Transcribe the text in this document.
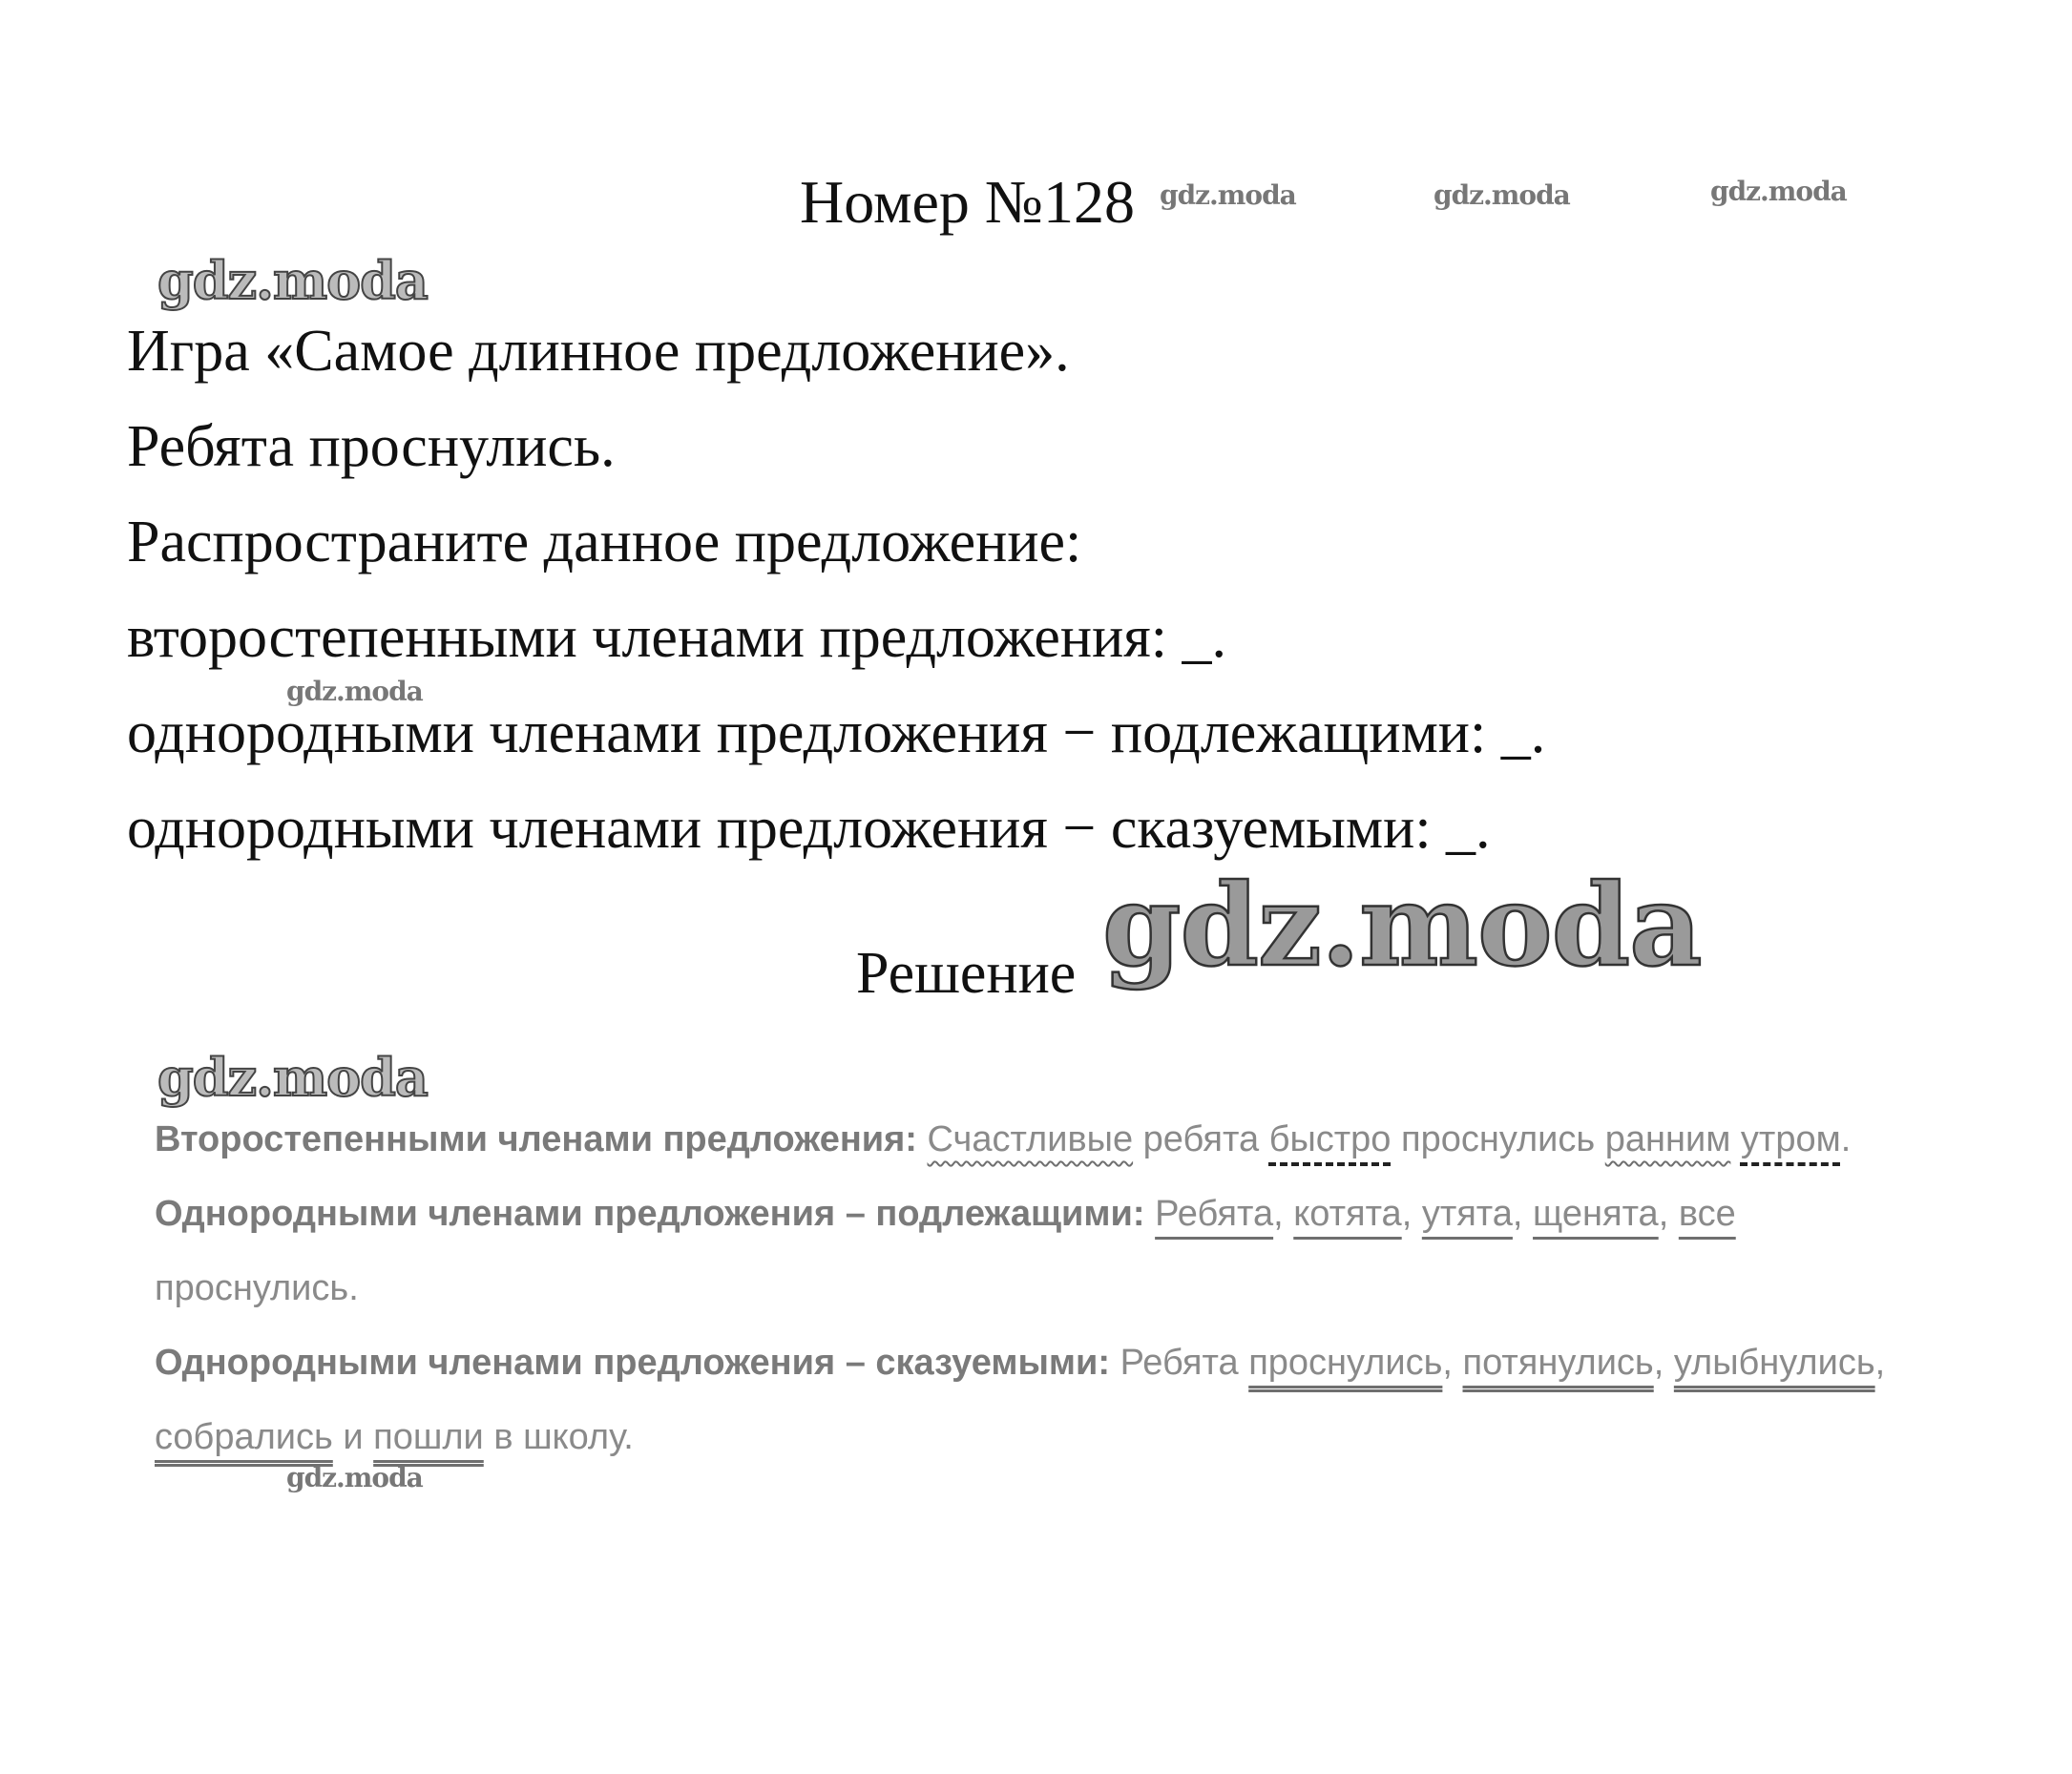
Номер №128
Игра «Самое длинное предложение».
Ребята проснулись.
Распространите данное предложение:
второстепенными членами предложения: _.
однородными членами предложения − подлежащими: _.
однородными членами предложения − сказуемыми: _.
Решение

Второстепенными членами предложения: Счастливые ребята быстро проснулись ранним утром.

Однородными членами предложения – подлежащими: Ребята, котята, утята, щенята, все проснулись.

Однородными членами предложения – сказуемыми: Ребята проснулись, потянулись, улыбнулись, собрались и пошли в школу.

gdz.moda	gdz.moda	gdz.moda
gdz.moda
gdz.moda
gdz.moda
gdz.moda
gdz.moda
